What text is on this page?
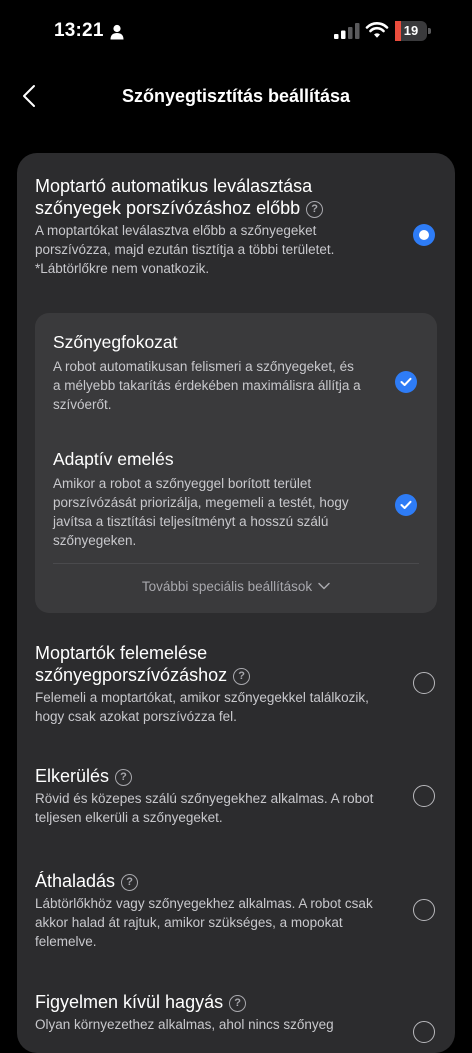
13:21	19
Szőnyegtisztítás beállítása
Moptartó automatikus leválasztása szőnyegek porszívózáshoz előbb ?
A moptartókat leválasztva előbb a szőnyegeket porszívózza, majd ezután tisztítja a többi területet. *Lábtörlőkre nem vonatkozik.
Szőnyegfokozat
A robot automatikusan felismeri a szőnyegeket, és a mélyebb takarítás érdekében maximálisra állítja a szívóerőt.
Adaptív emelés
Amikor a robot a szőnyeggel borított terület porszívózását priorizálja, megemeli a testét, hogy javítsa a tisztítási teljesítményt a hosszú szálú szőnyegeken.
További speciális beállítások
Moptartók felemelése szőnyegporszívózáshoz ?
Felemeli a moptartókat, amikor szőnyegekkel találkozik, hogy csak azokat porszívózza fel.
Elkerülés ?
Rövid és közepes szálú szőnyegekhez alkalmas. A robot teljesen elkerüli a szőnyegeket.
Áthaladás ?
Lábtörlőkhöz vagy szőnyegekhez alkalmas. A robot csak akkor halad át rajtuk, amikor szükséges, a mopokat felemelve.
Figyelmen kívül hagyás ?
Olyan környezethez alkalmas, ahol nincs szőnyeg
